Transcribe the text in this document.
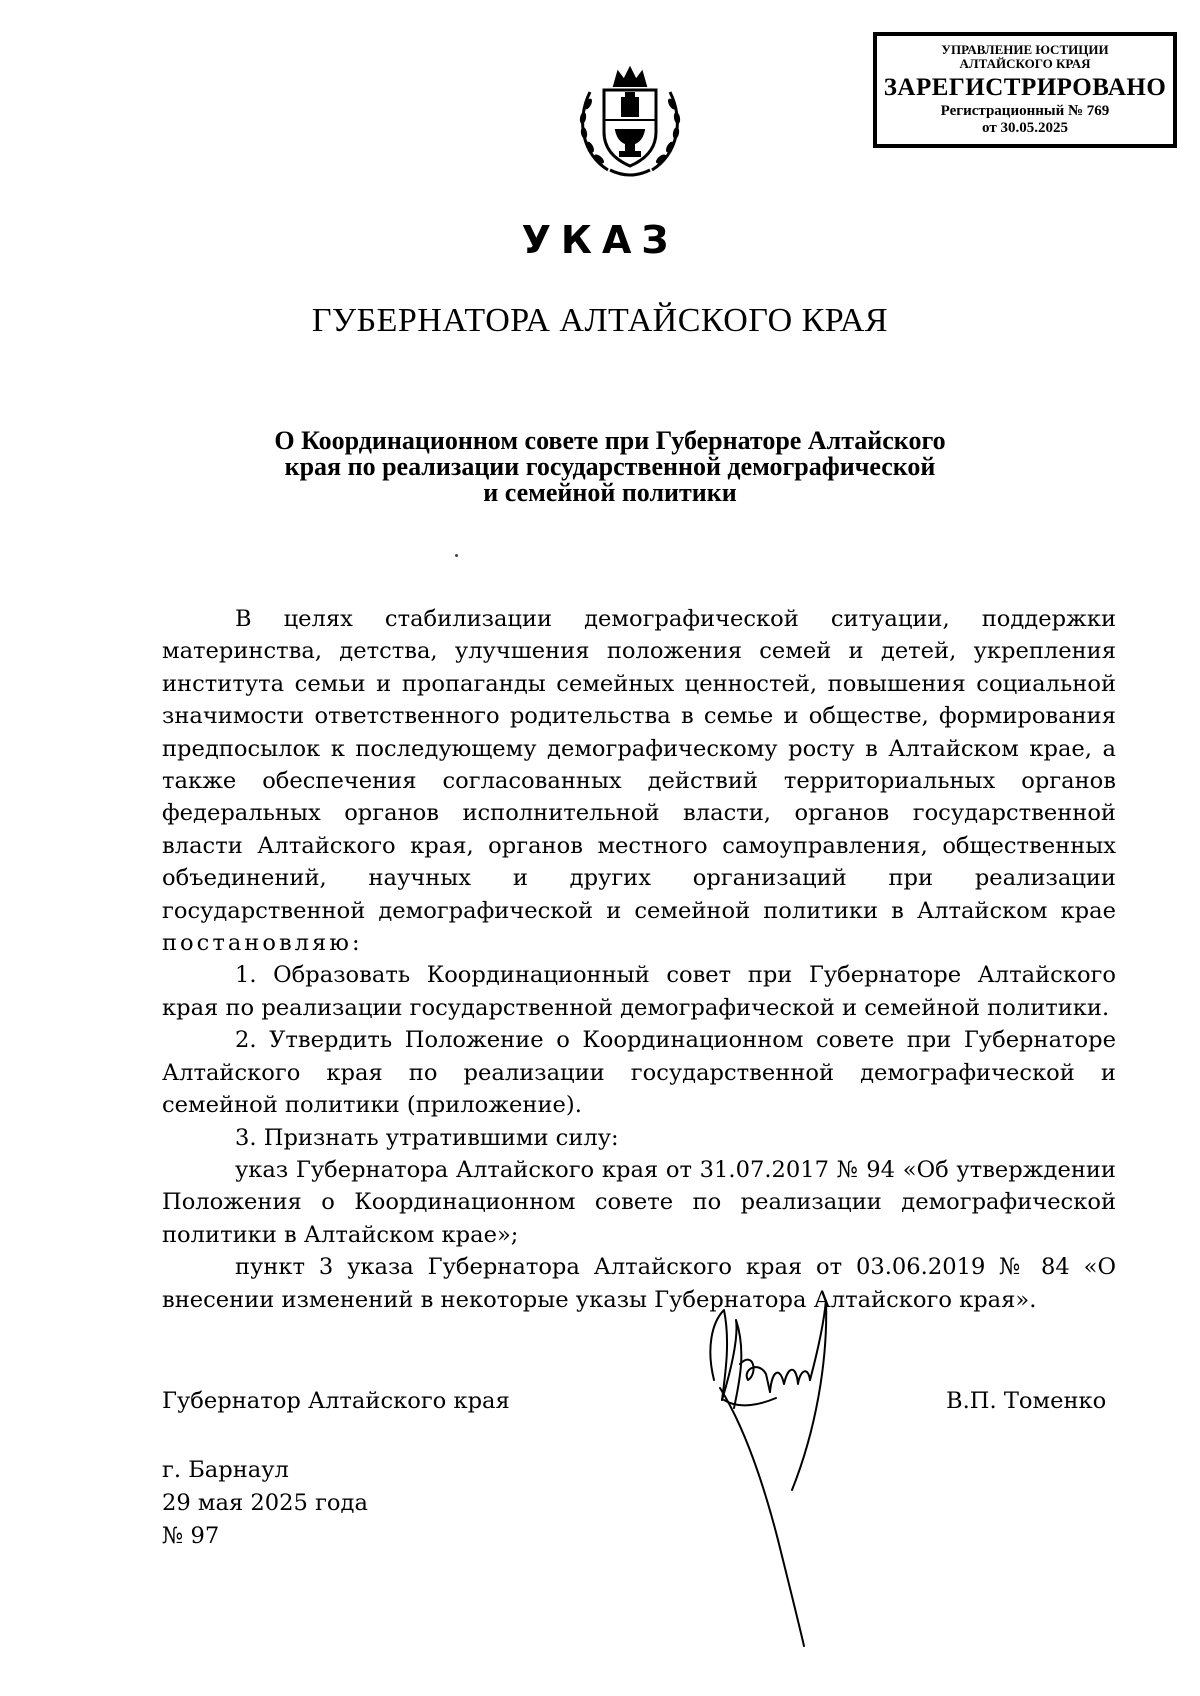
УПРАВЛЕНИЕ ЮСТИЦИИ
АЛТАЙСКОГО КРАЯ
ЗАРЕГИСТРИРОВАНО
Регистрационный № 769
от 30.05.2025
УКАЗ
ГУБЕРНАТОРА АЛТАЙСКОГО КРАЯ
О Координационном совете при Губернаторе Алтайского
края по реализации государственной демографической
и семейной политики

В целях стабилизации демографической ситуации, поддержки материнства, детства, улучшения положения семей и детей, укрепления института семьи и пропаганды семейных ценностей, повышения социальной значимости ответственного родительства в семье и обществе, формирования предпосылок к последующему демографическому росту в Алтайском крае, а также обеспечения согласованных действий территориальных органов федеральных органов исполнительной власти, органов государственной власти Алтайского края, органов местного самоуправления, общественных объединений, научных и других организаций при реализации государственной демографической и семейной политики в Алтайском крае постановляю:

1. Образовать Координационный совет при Губернаторе Алтайского края по реализации государственной демографической и семейной политики.

2. Утвердить Положение о Координационном совете при Губернаторе Алтайского края по реализации государственной демографической и семейной политики (приложение).

3. Признать утратившими силу:

указ Губернатора Алтайского края от 31.07.2017 № 94 «Об утверждении Положения о Координационном совете по реализации демографической политики в Алтайском крае»;

пункт 3 указа Губернатора Алтайского края от 03.06.2019 № 84 «О внесении изменений в некоторые указы Губернатора Алтайского края».

Губернатор Алтайского края	В.П. Томенко
г. Барнаул
29 мая 2025 года
№ 97
